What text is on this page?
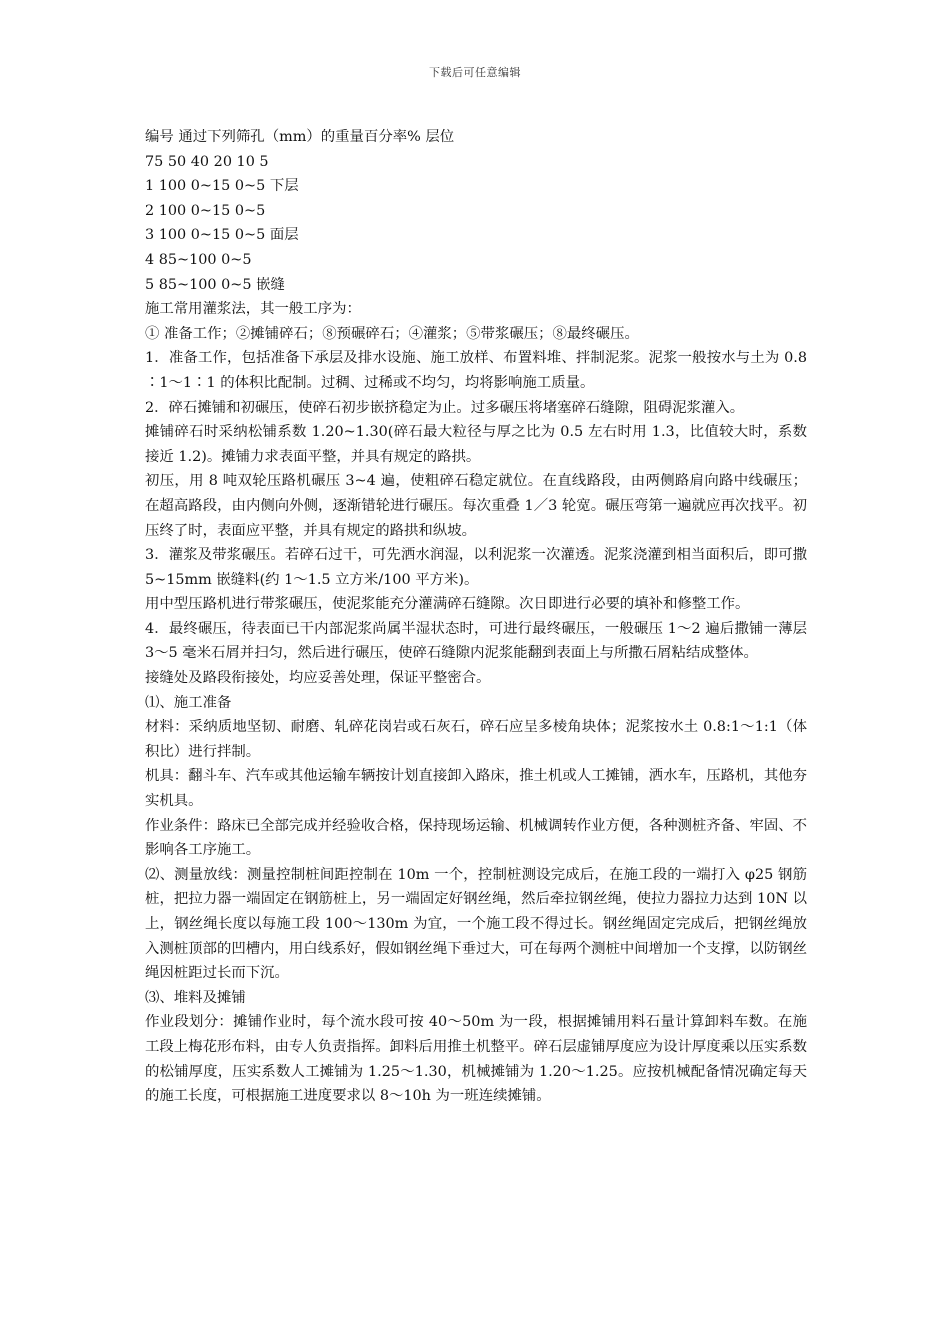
下载后可任意编辑

编号 通过下列筛孔（mm）的重量百分率% 层位

75 50 40 20 10 5

1 100 0~15 0~5 下层

2 100 0~15 0~5

3 100 0~15 0~5 面层

4 85~100 0~5

5 85~100 0~5 嵌缝

施工常用灌浆法，其一般工序为：

① 准备工作；②摊铺碎石；⑧预碾碎石；④灌浆；⑤带浆碾压；⑧最终碾压。

1．准备工作，包括准备下承层及排水设施、施工放样、布置料堆、拌制泥浆。泥浆一般按水与土为 0.8∶1～1∶1 的体积比配制。过稠、过稀或不均匀，均将影响施工质量。

2．碎石摊铺和初碾压，使碎石初步嵌挤稳定为止。过多碾压将堵塞碎石缝隙，阻碍泥浆灌入。

摊铺碎石时采纳松铺系数 1.20~1.30(碎石最大粒径与厚之比为 0.5 左右时用 1.3，比值较大时，系数接近 1.2)。摊铺力求表面平整，并具有规定的路拱。

初压，用 8 吨双轮压路机碾压 3~4 遍，使粗碎石稳定就位。在直线路段，由两侧路肩向路中线碾压；在超高路段，由内侧向外侧，逐渐错轮进行碾压。每次重叠 1／3 轮宽。碾压弯第一遍就应再次找平。初压终了时，表面应平整，并具有规定的路拱和纵坡。

3．灌浆及带浆碾压。若碎石过干，可先洒水润湿，以利泥浆一次灌透。泥浆浇灌到相当面积后，即可撒 5~15mm 嵌缝料(约 1～1.5 立方米/100 平方米)。

用中型压路机进行带浆碾压，使泥浆能充分灌满碎石缝隙。次日即进行必要的填补和修整工作。

4．最终碾压，待表面已干内部泥浆尚属半湿状态时，可进行最终碾压，一般碾压 1～2 遍后撒铺一薄层 3～5 毫米石屑并扫匀，然后进行碾压，使碎石缝隙内泥浆能翻到表面上与所撒石屑粘结成整体。

接缝处及路段衔接处，均应妥善处理，保证平整密合。

⑴、施工准备

材料：采纳质地坚韧、耐磨、轧碎花岗岩或石灰石，碎石应呈多棱角块体；泥浆按水土 0.8:1～1:1（体积比）进行拌制。

机具：翻斗车、汽车或其他运输车辆按计划直接卸入路床，推土机或人工摊铺，洒水车，压路机，其他夯实机具。

作业条件：路床已全部完成并经验收合格，保持现场运输、机械调转作业方便，各种测桩齐备、牢固、不影响各工序施工。

⑵、测量放线：测量控制桩间距控制在 10m 一个，控制桩测设完成后，在施工段的一端打入 φ25 钢筋桩，把拉力器一端固定在钢筋桩上，另一端固定好钢丝绳，然后牵拉钢丝绳，使拉力器拉力达到 10N 以上，钢丝绳长度以每施工段 100～130m 为宜，一个施工段不得过长。钢丝绳固定完成后，把钢丝绳放入测桩顶部的凹槽内，用白线系好，假如钢丝绳下垂过大，可在每两个测桩中间增加一个支撑，以防钢丝绳因桩距过长而下沉。

⑶、堆料及摊铺

作业段划分：摊铺作业时，每个流水段可按 40～50m 为一段，根据摊铺用料石量计算卸料车数。在施工段上梅花形布料，由专人负责指挥。卸料后用推土机整平。碎石层虚铺厚度应为设计厚度乘以压实系数的松铺厚度，压实系数人工摊铺为 1.25～1.30，机械摊铺为 1.20～1.25。应按机械配备情况确定每天的施工长度，可根据施工进度要求以 8～10h 为一班连续摊铺。
